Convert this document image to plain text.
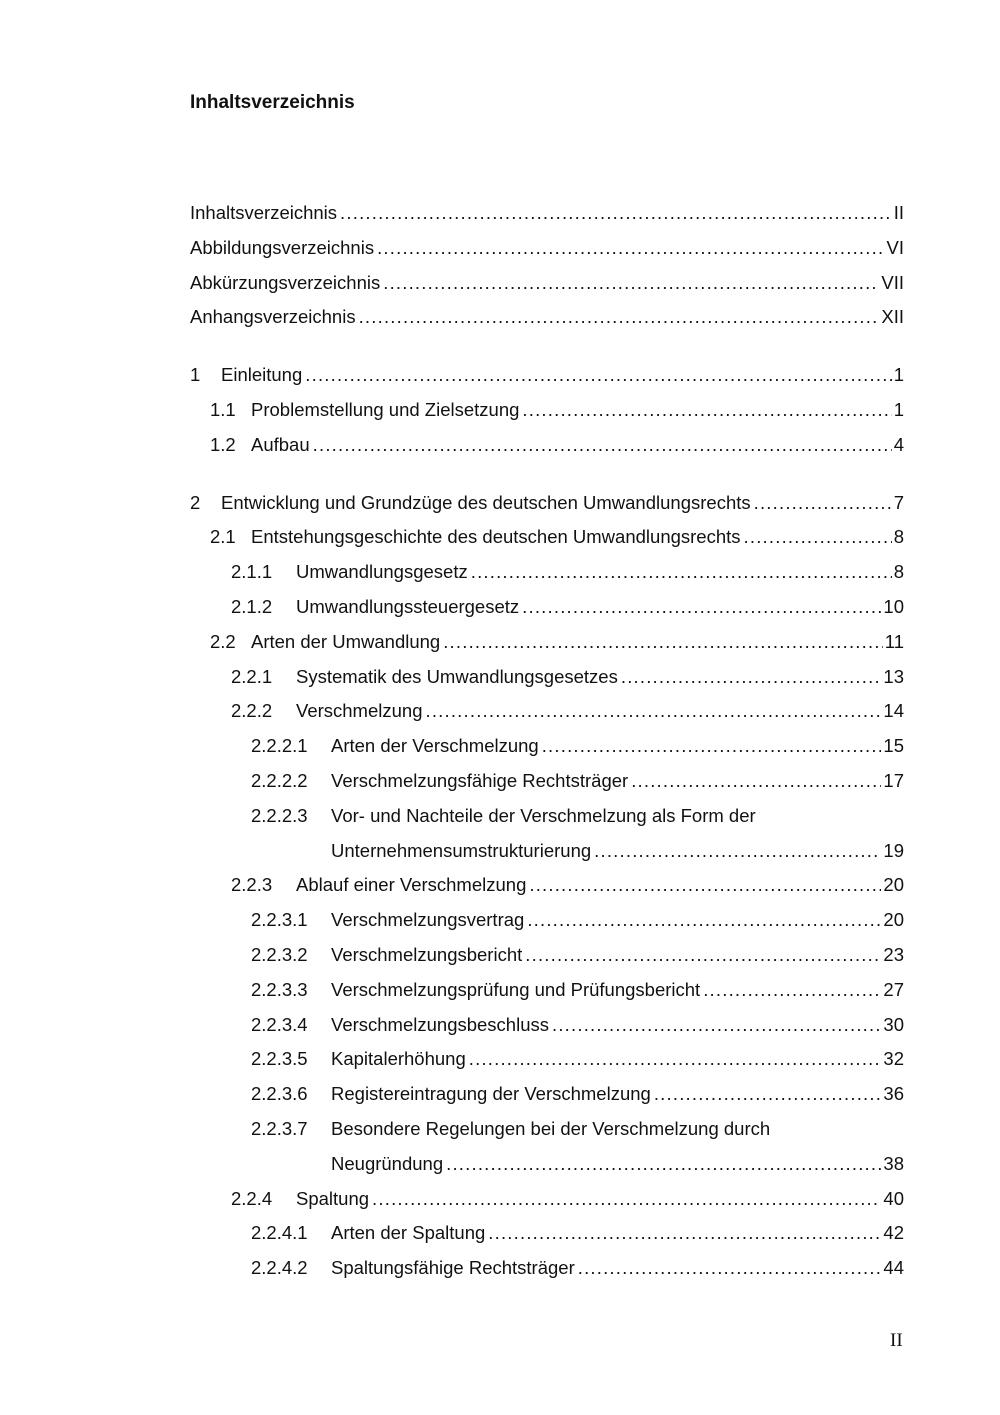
Inhaltsverzeichnis
Inhaltsverzeichnis .....	II
Abbildungsverzeichnis .....	VI
Abkürzungsverzeichnis .....	VII
Anhangsverzeichnis .....	XII
1	Einleitung .....	1
1.1 Problemstellung und Zielsetzung .....	1
1.2 Aufbau .....	4
2	Entwicklung und Grundzüge des deutschen Umwandlungsrechts .....	7
2.1 Entstehungsgeschichte des deutschen Umwandlungsrechts .....	8
2.1.1	Umwandlungsgesetz .....	8
2.1.2	Umwandlungssteuergesetz .....	10
2.2 Arten der Umwandlung .....	11
2.2.1	Systematik des Umwandlungsgesetzes .....	13
2.2.2	Verschmelzung .....	14
2.2.2.1	Arten der Verschmelzung .....	15
2.2.2.2	Verschmelzungsfähige Rechtsträger .....	17
2.2.2.3 Vor- und Nachteile der Verschmelzung als Form der
Unternehmensumstrukturierung .....	19
2.2.3	Ablauf einer Verschmelzung .....	20
2.2.3.1	Verschmelzungsvertrag .....	20
2.2.3.2	Verschmelzungsbericht .....	23
2.2.3.3	Verschmelzungsprüfung und Prüfungsbericht .....	27
2.2.3.4	Verschmelzungsbeschluss .....	30
2.2.3.5	Kapitalerhöhung .....	32
2.2.3.6	Registereintragung der Verschmelzung .....	36
2.2.3.7 Besondere Regelungen bei der Verschmelzung durch
Neugründung .....	38
2.2.4	Spaltung .....	40
2.2.4.1	Arten der Spaltung .....	42
2.2.4.2	Spaltungsfähige Rechtsträger .....	44
II
